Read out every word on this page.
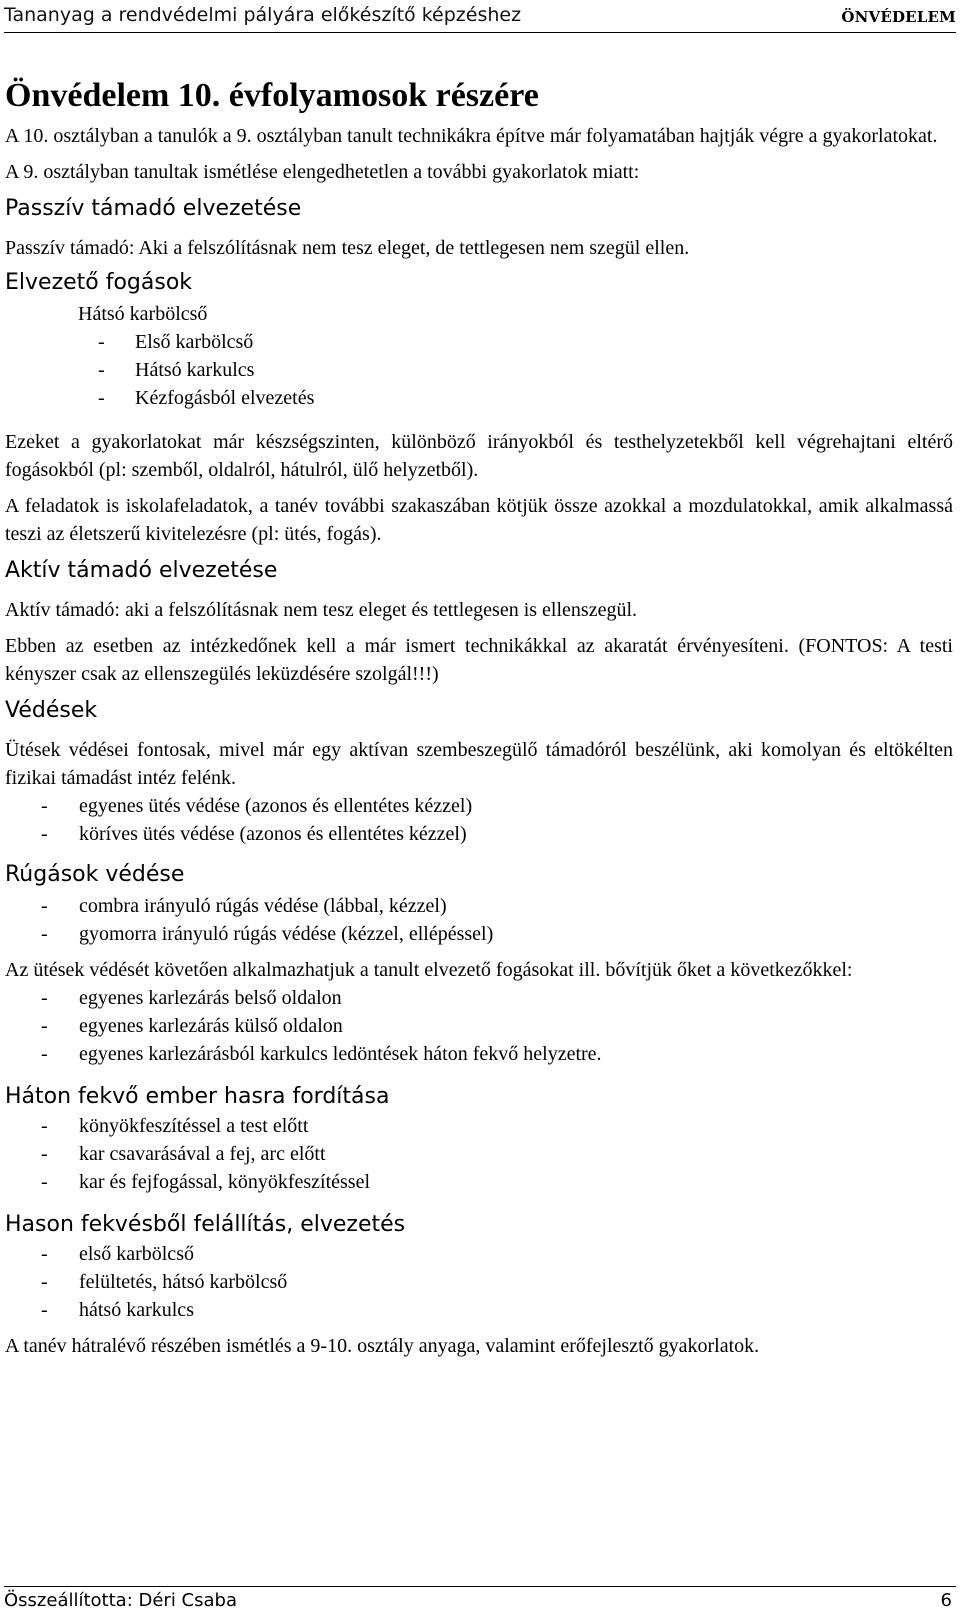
Tananyag a rendvédelmi pályára előkészítő képzéshez	ÖNVÉDELEM
Önvédelem 10. évfolyamosok részére

A 10. osztályban a tanulók a 9. osztályban tanult technikákra építve már folyamatában hajtják végre a gyakorlatokat.

A 9. osztályban tanultak ismétlése elengedhetetlen a további gyakorlatok miatt:

Passzív támadó elvezetése

Passzív támadó: Aki a felszólításnak nem tesz eleget, de tettlegesen nem szegül ellen.

Elvezető fogások
Hátsó karbölcső
- Első karbölcső
- Hátsó karkulcs
- Kézfogásból elvezetés

Ezeket a gyakorlatokat már készségszinten, különböző irányokból és testhelyzetekből kell végrehajtani eltérő fogásokból (pl: szemből, oldalról, hátulról, ülő helyzetből).

A feladatok is iskolafeladatok, a tanév további szakaszában kötjük össze azokkal a mozdulatokkal, amik alkalmassá teszi az életszerű kivitelezésre (pl: ütés, fogás).

Aktív támadó elvezetése

Aktív támadó: aki a felszólításnak nem tesz eleget és tettlegesen is ellenszegül.

Ebben az esetben az intézkedőnek kell a már ismert technikákkal az akaratát érvényesíteni. (FONTOS: A testi kényszer csak az ellenszegülés leküzdésére szolgál!!!)

Védések

Ütések védései fontosak, mivel már egy aktívan szembeszegülő támadóról beszélünk, aki komolyan és eltökélten fizikai támadást intéz felénk.

- egyenes ütés védése (azonos és ellentétes kézzel)
- köríves ütés védése (azonos és ellentétes kézzel)
Rúgások védése
- combra irányuló rúgás védése (lábbal, kézzel)
- gyomorra irányuló rúgás védése (kézzel, ellépéssel)

Az ütések védését követően alkalmazhatjuk a tanult elvezető fogásokat ill. bővítjük őket a következőkkel:

- egyenes karlezárás belső oldalon
- egyenes karlezárás külső oldalon
- egyenes karlezárásból karkulcs ledöntések háton fekvő helyzetre.
Háton fekvő ember hasra fordítása
- könyökfeszítéssel a test előtt
- kar csavarásával a fej, arc előtt
- kar és fejfogással, könyökfeszítéssel
Hason fekvésből felállítás, elvezetés
- első karbölcső
- felültetés, hátsó karbölcső
- hátsó karkulcs

A tanév hátralévő részében ismétlés a 9-10. osztály anyaga, valamint erőfejlesztő gyakorlatok.

Összeállította: Déri Csaba	6
